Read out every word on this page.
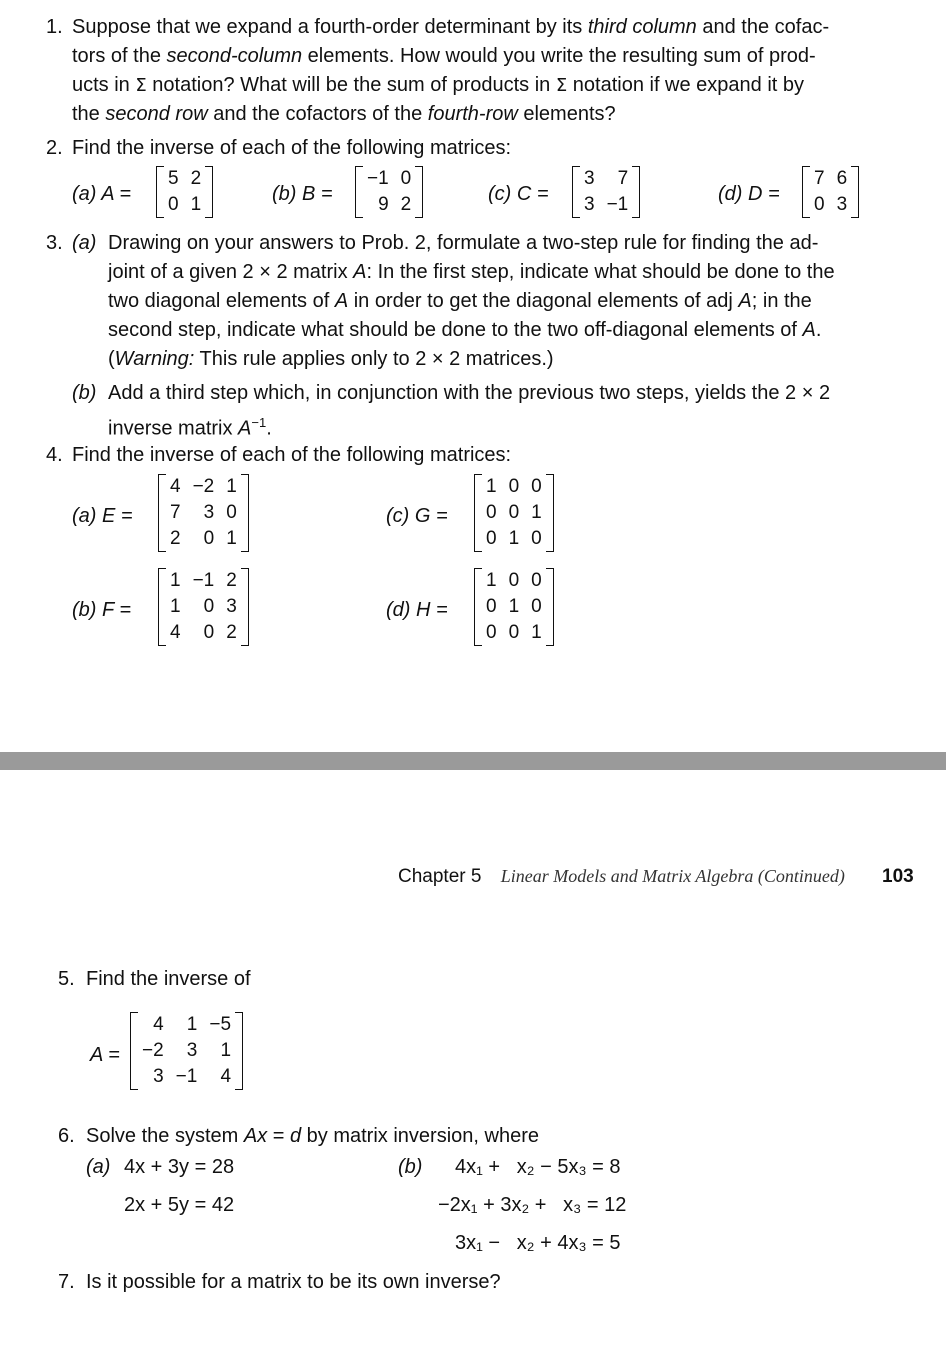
1. Suppose that we expand a fourth-order determinant by its third column and the cofac-
tors of the second-column elements. How would you write the resulting sum of prod-
ucts in Σ notation? What will be the sum of products in Σ notation if we expand it by
the second row and the cofactors of the fourth-row elements?
2. Find the inverse of each of the following matrices:
(a) A =
5 2
0 1	(b) B =
−1 0
9 2	(c) C =
3	7
3 −1	(d) D =
7 6
0 3
3. (a) Drawing on your answers to Prob. 2, formulate a two-step rule for finding the ad-
joint of a given 2 × 2 matrix A: In the first step, indicate what should be done to the
two diagonal elements of A in order to get the diagonal elements of adj A; in the
second step, indicate what should be done to the two off-diagonal elements of A.
(Warning: This rule applies only to 2 × 2 matrices.)
(b) Add a third step which, in conjunction with the previous two steps, yields the 2 × 2
inverse matrix $A^{-1}$.
4. Find the inverse of each of the following matrices:
(a) E =
4 −2 1
7	3 0
2	0 1
(c) G =
1 0 0
0 0 1
0 1 0
(b) F =
1 −1 2
1	0 3
4	0 2
(d) H =
1 0 0
0 1 0
0 0 1
Chapter 5 Linear Models and Matrix Algebra (Continued) 103
5. Find the inverse of
A =
4	1 −5
−2	3	1
3 −1	4
6. Solve the system Ax = d by matrix inversion, where
(a) 4x + 3y = 28
2x + 5y = 42
(b) 4x₁ +   x₂ − 5x₃ = 8
−2x₁ + 3x₂ +   x₃ = 12
3x₁ −   x₂ + 4x₃ = 5
7. Is it possible for a matrix to be its own inverse?
